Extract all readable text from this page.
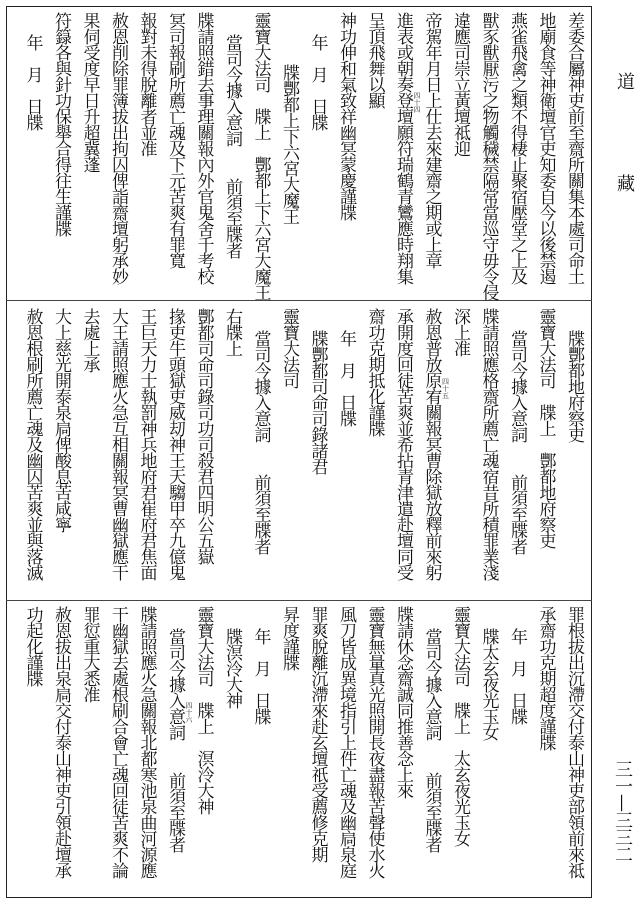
差委合屬神吏前至齋所關集本處司命土
地廟食等神衛壇官吏知委自今以後禁遏
燕雀飛禽之類不得棲止聚宿壓堂之上及
獸豕獸厭污之物觸穢禁隔常當巡守毋令侵
違應司崇立黃壇祗迎
帝駕年月日上仕去來建齋之期或上章
進表或朝奏登壇願符瑞鶴青鸞應時翔集
呈頂飛舞以顯
神功伸和氣致祥幽冥蒙慶謹牒
年　月　日牒
牒酆都上下六宮大魔王
靈寶大法司　牒上　酆都上下六宮大魔王
當司今據入意詞　　前須至牒者
牒請照錯去事理關報內外官鬼舍千考校
冥司報刷所薦亡魂及下元苦爽有罪寬
報對未得脫離者並准
赦恩削除罪簿拔出拘囚俾詣齋壇躬承妙
果伺受度早日升超冀蓬
符籙各與針功保舉合得往生謹牒
年　月　日牒	四十四
牒酆都地府察吏
靈寶大法司　牒上　酆都地府察吏
當司今據入意詞　　前須至牒者
牒請照應格齋所薦亡魂宿昔所積罪業淺
深上准
赦恩普放原宥關報冥曹除獄放釋前來躬
承開度回徒苦爽並希拈青津遣赴壇同受
齋功克期抵化謹牒
年　月　日牒
牒酆都司命司錄諸君
靈寶大法司
當司今據入意詞　　前須至牒者
右牒上
酆都司命司錄司功司殺君四明公五嶽
掾吏牛頭獄吏威刧神王天騶甲卒九億鬼
王巨天力士執罰神兵地府君崔府君焦面
大王請照應火急互相關報冥曹幽獄應干
去處上承
大上慈光開泰泉扃俾酸息苦咸寧
赦恩根刷所薦亡魂及幽囚苦爽並與落滅	四十五
罪根拔出沉滯交付泰山神吏部領前來祗
承齋功克期超度謹牒
年　月　日牒
牒太玄夜光玉女
靈寶大法司　牒上　太玄夜光玉女
當司今據入意詞　　前須至牒者
牒請休念齋誠同推善念上來
靈寶無量真光照開長夜盡報苦聲使水火
風刀皆成異境指引上件亡魂及幽扃泉庭
罪爽脫離沉滯來赴玄壇祇受薦修克期
昇度謹牒
年　月　日牒
牒溟泠大神
靈寶大法司　牒上　溟泠大神
當司今據入意詞　　前須至牒者
牒請照應火急關報北都寒池泉曲河源應
干幽獄去處根刷合會亡魂回徒苦爽不論
罪愆重大悉准
赦恩拔出泉扃交付泰山神吏引領赴壇承
功起化謹牒
四十六
道　　藏
三一—三三二
